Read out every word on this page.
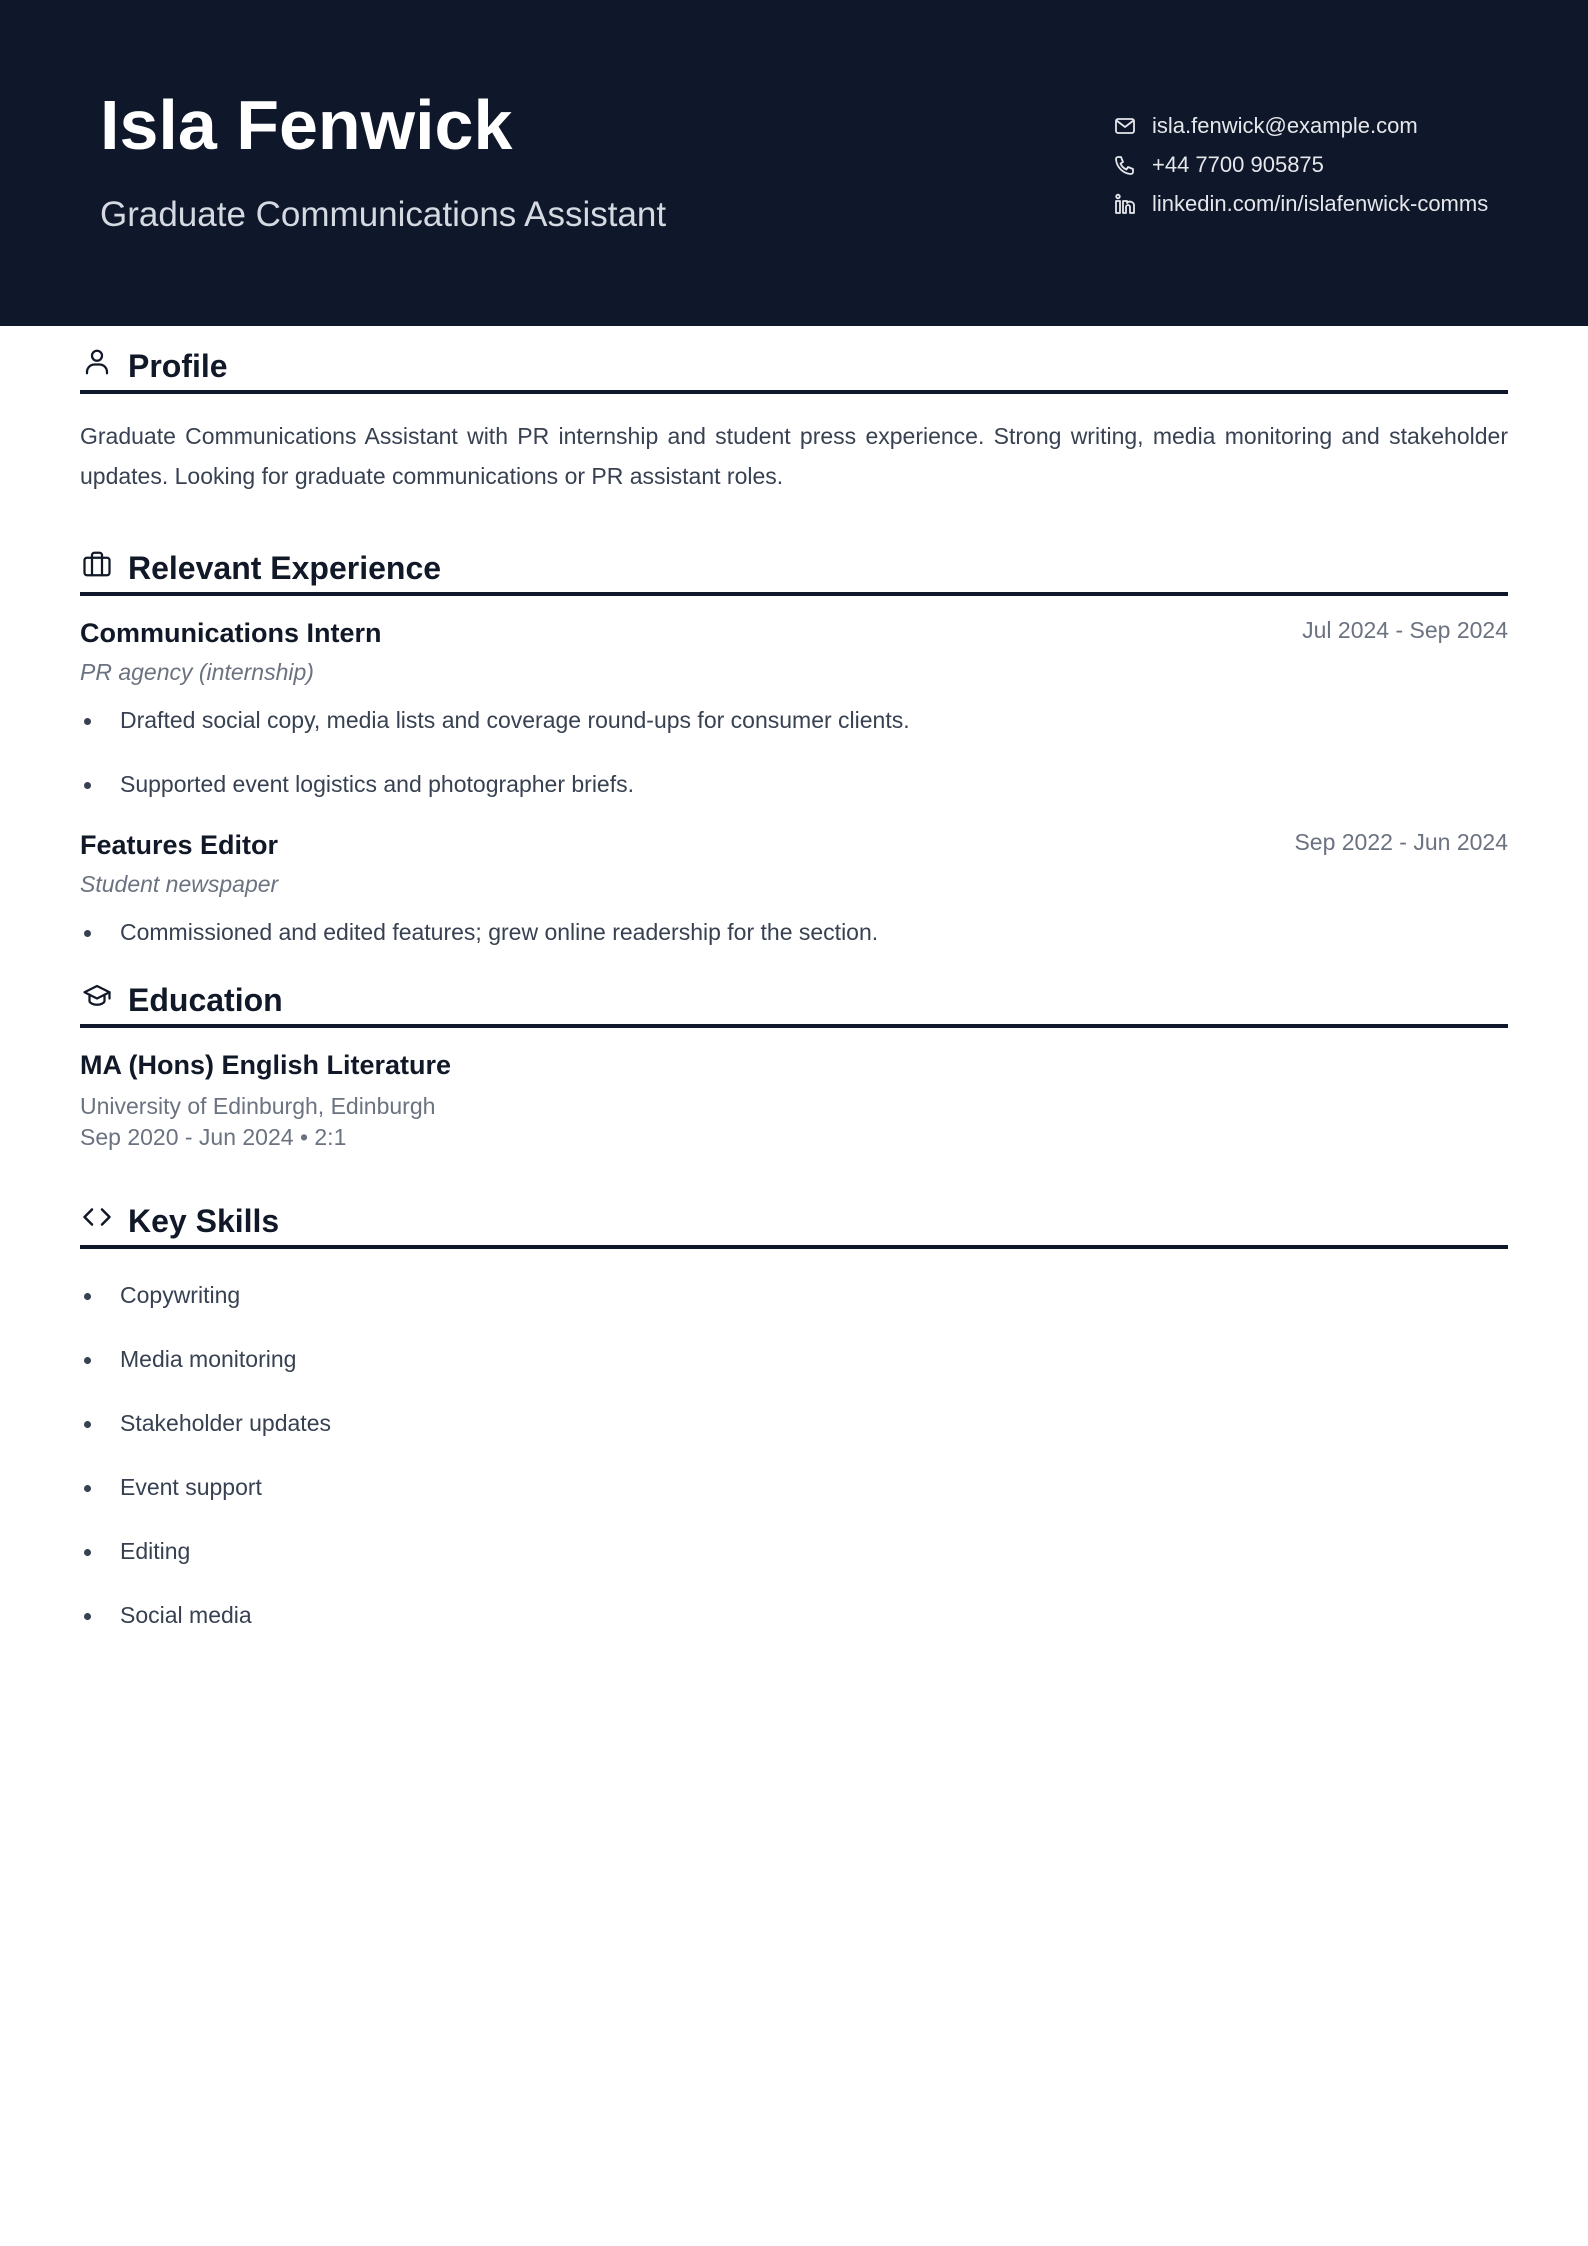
Isla Fenwick
Graduate Communications Assistant
isla.fenwick@example.com
+44 7700 905875
linkedin.com/in/islafenwick-comms
Profile

Graduate Communications Assistant with PR internship and student press experience. Strong writing, media monitoring and stakeholder updates. Looking for graduate communications or PR assistant roles.

Relevant Experience
Communications Intern	Jul 2024 - Sep 2024
PR agency (internship)
Drafted social copy, media lists and coverage round-ups for consumer clients.
Supported event logistics and photographer briefs.
Features Editor	Sep 2022 - Jun 2024
Student newspaper
Commissioned and edited features; grew online readership for the section.
Education
MA (Hons) English Literature
University of Edinburgh, Edinburgh
Sep 2020 - Jun 2024 • 2:1
Key Skills
Copywriting
Media monitoring
Stakeholder updates
Event support
Editing
Social media
